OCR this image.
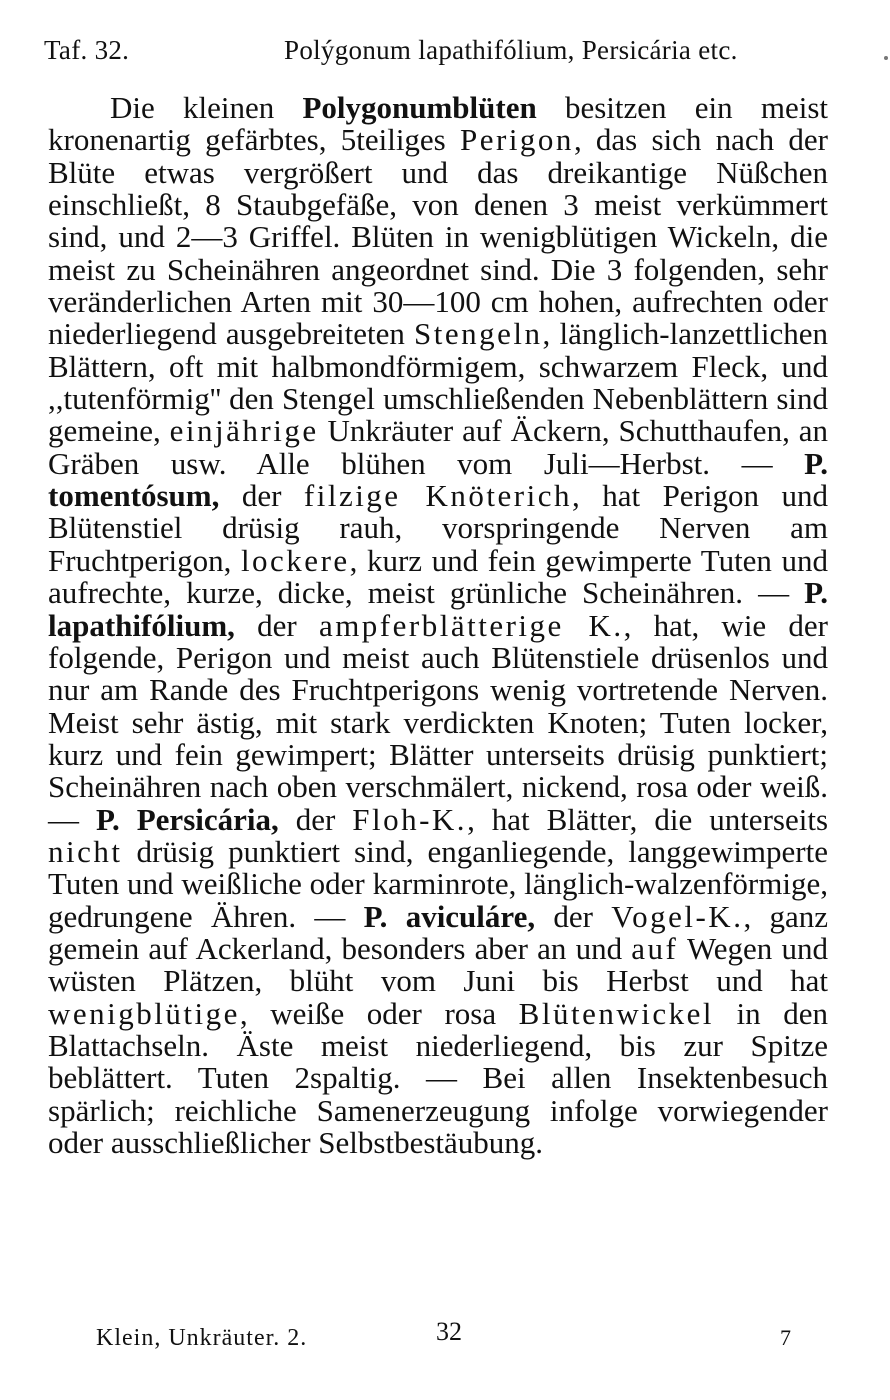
Taf. 32.	Polýgonum lapathifólium, Persicária etc.

Die kleinen Polygonumblüten besitzen ein meist kronenartig gefärbtes, 5teiliges Perigon, das sich nach der Blüte etwas vergrößert und das dreikantige Nüßchen einschließt, 8 Staubgefäße, von denen 3 meist verkümmert sind, und 2—3 Griffel. Blüten in wenigblütigen Wickeln, die meist zu Scheinähren angeordnet sind. Die 3 folgenden, sehr veränderlichen Arten mit 30—100 cm hohen, aufrechten oder niederliegend ausgebreiteten Stengeln, länglich-lanzettlichen Blättern, oft mit halbmondförmigem, schwarzem Fleck, und ,,tutenförmig'' den Stengel umschließenden Nebenblättern sind gemeine, einjährige Unkräuter auf Äckern, Schutthaufen, an Gräben usw. Alle blühen vom Juli—Herbst. — P. tomentósum, der filzige Knöterich, hat Perigon und Blütenstiel drüsig rauh, vorspringende Nerven am Fruchtperigon, lockere, kurz und fein gewimperte Tuten und aufrechte, kurze, dicke, meist grünliche Scheinähren. — P. lapathifólium, der ampferblätterige K., hat, wie der folgende, Perigon und meist auch Blütenstiele drüsenlos und nur am Rande des Fruchtperigons wenig vortretende Nerven. Meist sehr ästig, mit stark verdickten Knoten; Tuten locker, kurz und fein gewimpert; Blätter unterseits drüsig punktiert; Scheinähren nach oben verschmälert, nickend, rosa oder weiß. — P. Persicária, der Floh-K., hat Blätter, die unterseits nicht drüsig punktiert sind, enganliegende, langgewimperte Tuten und weißliche oder karminrote, länglich-walzenförmige, gedrungene Ähren. — P. aviculáre, der Vogel-K., ganz gemein auf Ackerland, besonders aber an und auf Wegen und wüsten Plätzen, blüht vom Juni bis Herbst und hat wenigblütige, weiße oder rosa Blütenwickel in den Blattachseln. Äste meist niederliegend, bis zur Spitze beblättert. Tuten 2spaltig. — Bei allen Insektenbesuch spärlich; reichliche Samenerzeugung infolge vorwiegender oder ausschließlicher Selbstbestäubung.

Klein, Unkräuter. 2.	32	7
